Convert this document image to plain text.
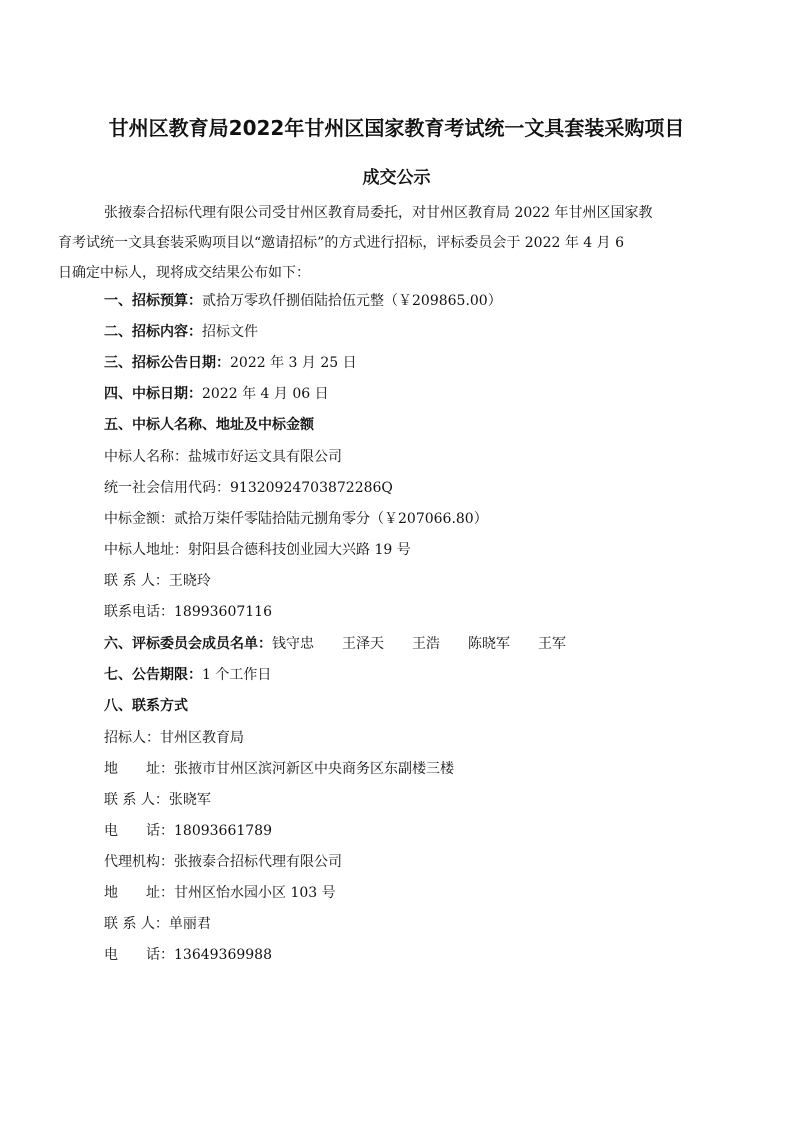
甘州区教育局2022年甘州区国家教育考试统一文具套装采购项目
成交公示

张掖泰合招标代理有限公司受甘州区教育局委托，对甘州区教育局 2022 年甘州区国家教
育考试统一文具套装采购项目以“邀请招标”的方式进行招标，评标委员会于 2022 年 4 月 6
日确定中标人，现将成交结果公布如下：

一、招标预算：贰拾万零玖仟捌佰陆拾伍元整（￥209865.00）
二、招标内容：招标文件
三、招标公告日期：2022 年 3 月 25 日
四、中标日期：2022 年 4 月 06 日
五、中标人名称、地址及中标金额
中标人名称：盐城市好运文具有限公司
统一社会信用代码：91320924703872286Q
中标金额：贰拾万柒仟零陆拾陆元捌角零分（￥207066.80）
中标人地址：射阳县合德科技创业园大兴路 19 号
联 系 人：王晓玲
联系电话：18993607116
六、评标委员会成员名单：钱守忠 王泽天 王浩 陈晓军 王军
七、公告期限：1 个工作日
八、联系方式
招标人：甘州区教育局
地　　址：张掖市甘州区滨河新区中央商务区东副楼三楼
联 系 人：张晓军
电　　话：18093661789
代理机构：张掖泰合招标代理有限公司
地　　址：甘州区怡水园小区 103 号
联 系 人：单丽君
电　　话：13649369988
